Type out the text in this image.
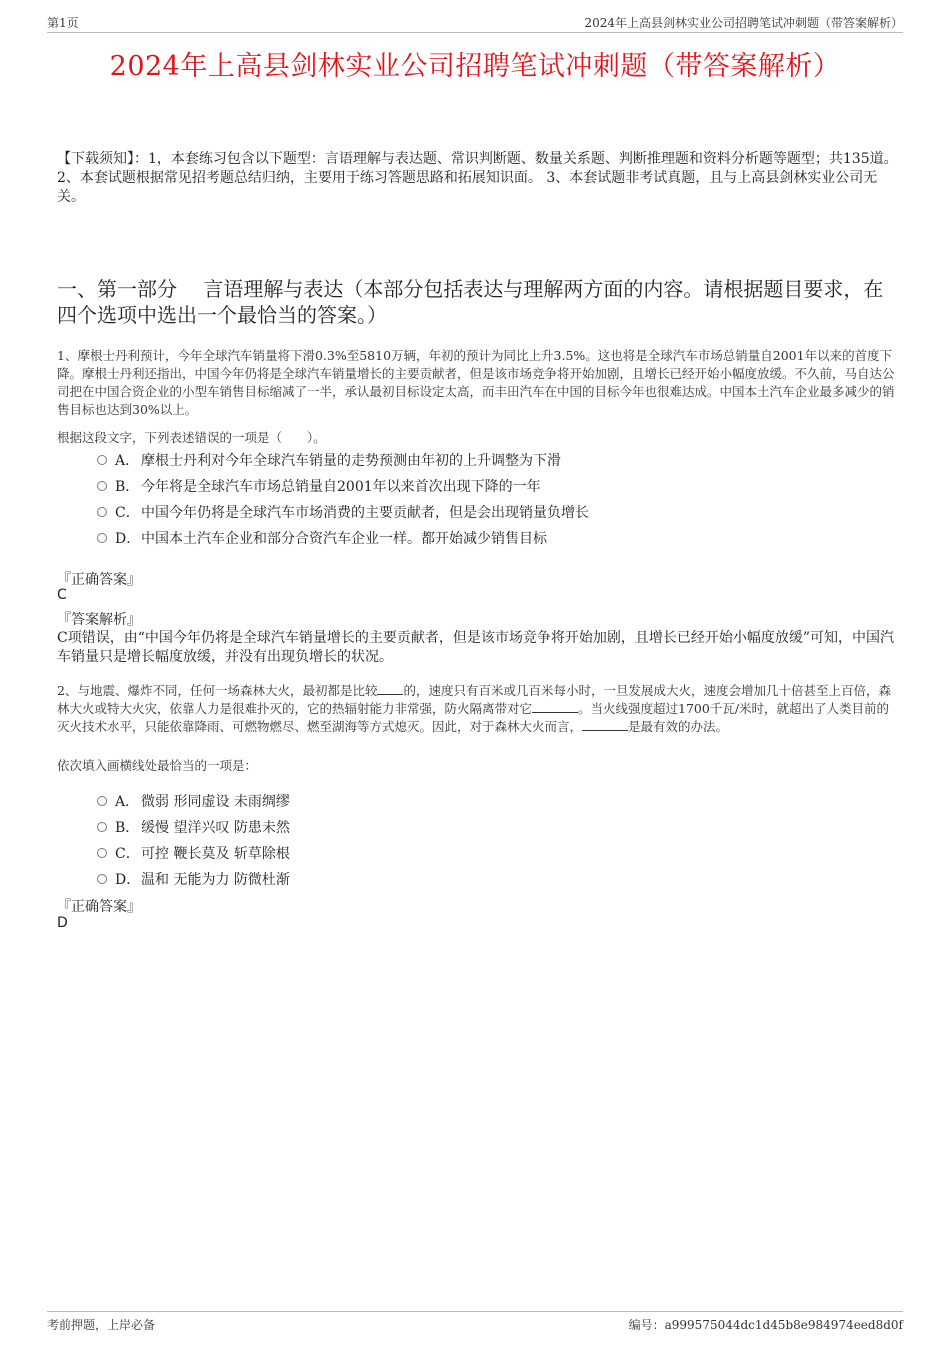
第1页	2024年上高县剑林实业公司招聘笔试冲刺题（带答案解析）
2024年上高县剑林实业公司招聘笔试冲刺题（带答案解析）
【下载须知】：1，本套练习包含以下题型：言语理解与表达题、常识判断题、数量关系题、判断推理题和资料分析题等题型；共135道。 2、本套试题根据常见招考题总结归纳，主要用于练习答题思路和拓展知识面。 3、本套试题非考试真题，且与上高县剑林实业公司无关。
一、第一部分　 言语理解与表达（本部分包括表达与理解两方面的内容。请根据题目要求，在四个选项中选出一个最恰当的答案。）
1、摩根士丹利预计，今年全球汽车销量将下滑0.3%至5810万辆，年初的预计为同比上升3.5%。这也将是全球汽车市场总销量自2001年以来的首度下降。摩根士丹利还指出，中国今年仍将是全球汽车销量增长的主要贡献者，但是该市场竞争将开始加剧，且增长已经开始小幅度放缓。不久前，马自达公司把在中国合资企业的小型车销售目标缩减了一半，承认最初目标设定太高，而丰田汽车在中国的目标今年也很难达成。中国本土汽车企业最多减少的销售目标也达到30%以上。
根据这段文字，下列表述错误的一项是（　　）。
A． 摩根士丹利对今年全球汽车销量的走势预测由年初的上升调整为下滑
B． 今年将是全球汽车市场总销量自2001年以来首次出现下降的一年
C．中国今年仍将是全球汽车市场消费的主要贡献者，但是会出现销量负增长
D．中国本土汽车企业和部分合资汽车企业一样。都开始减少销售目标
『正确答案』
C
『答案解析』
C项错误，由“中国今年仍将是全球汽车销量增长的主要贡献者，但是该市场竞争将开始加剧，且增长已经开始小幅度放缓”可知，中国汽车销量只是增长幅度放缓，并没有出现负增长的状况。
2、与地震、爆炸不同，任何一场森林大火，最初都是比较 的，速度只有百米或几百米每小时，一旦发展成大火，速度会增加几十倍甚至上百倍，森林大火或特大火灾，依靠人力是很难扑灭的，它的热辐射能力非常强，防火隔离带对它	。当火线强度超过1700千瓦/米时，就超出了人类目前的灭火技术水平，只能依靠降雨、可燃物燃尽、燃至湖海等方式熄灭。因此，对于森林大火而言，	是最有效的办法。
依次填入画横线处最恰当的一项是：
A． 微弱 形同虚设 未雨绸缪
B． 缓慢 望洋兴叹 防患未然
C．可控 鞭长莫及 斩草除根
D．温和 无能为力 防微杜渐
『正确答案』
D
考前押题，上岸必备	编号：a999575044dc1d45b8e984974eed8d0f
